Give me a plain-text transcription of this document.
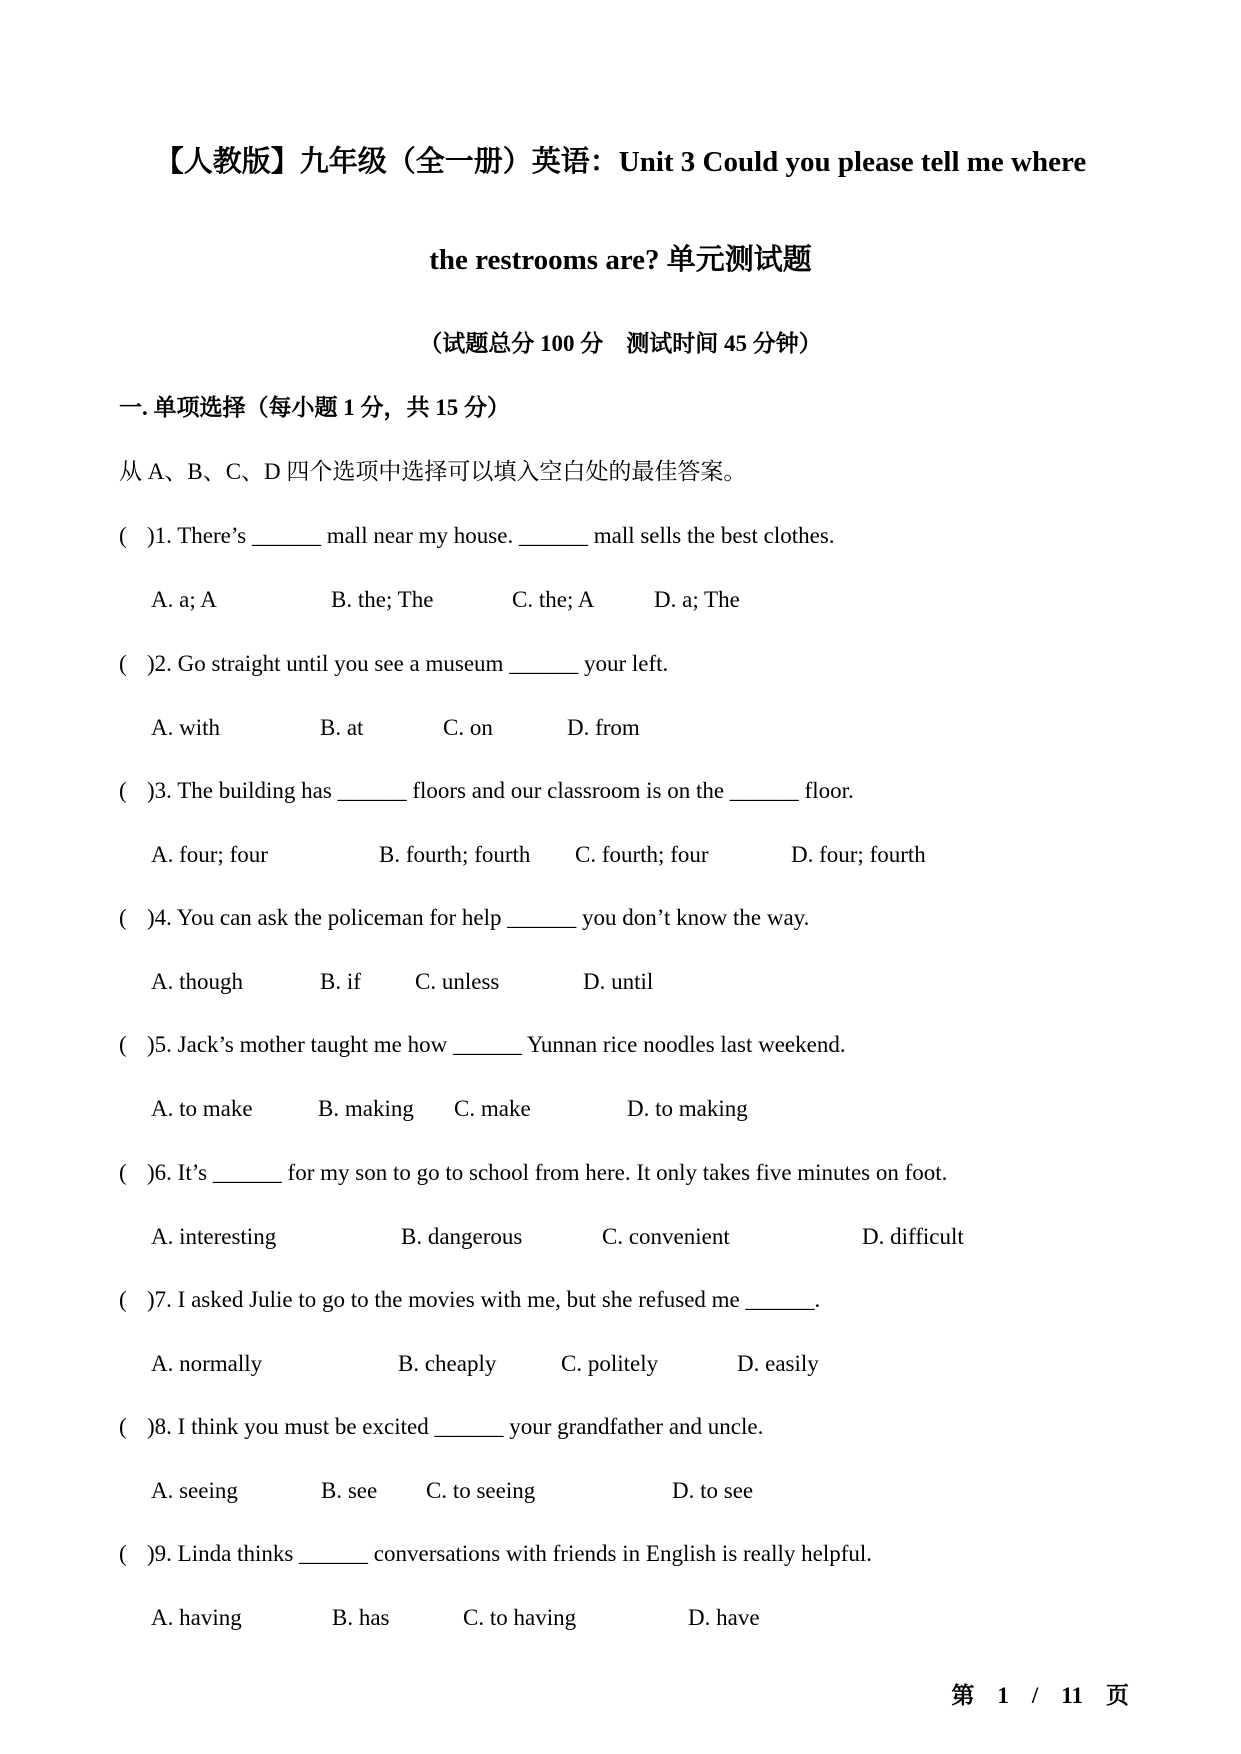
【人教版】九年级（全一册）英语：Unit 3 Could you please tell me where
the restrooms are? 单元测试题
（试题总分 100 分　测试时间 45 分钟）
一. 单项选择（每小题 1 分，共 15 分）
从 A、B、C、D 四个选项中选择可以填入空白处的最佳答案。
( )1. There’s ______ mall near my house. ______ mall sells the best clothes.
A. a; A	B. the; The	C. the; A	D. a; The
( )2. Go straight until you see a museum ______ your left.
A. with	B. at	C. on	D. from
( )3. The building has ______ floors and our classroom is on the ______ floor.
A. four; four	B. fourth; fourth C. fourth; four	D. four; fourth
( )4. You can ask the policeman for help ______ you don’t know the way.
A. though	B. if C. unless	D. until
( )5. Jack’s mother taught me how ______ Yunnan rice noodles last weekend.
A. to make	B. making C. make	D. to making
( )6. It’s ______ for my son to go to school from here. It only takes five minutes on foot.
A. interesting	B. dangerous	C. convenient	D. difficult
( )7. I asked Julie to go to the movies with me, but she refused me ______.
A. normally	B. cheaply	C. politely	D. easily
( )8. I think you must be excited ______ your grandfather and uncle.
A. seeing	B. see C. to seeing	D. to see
( )9. Linda thinks ______ conversations with friends in English is really helpful.
A. having	B. has	C. to having	D. have
第　1　/　11　页
